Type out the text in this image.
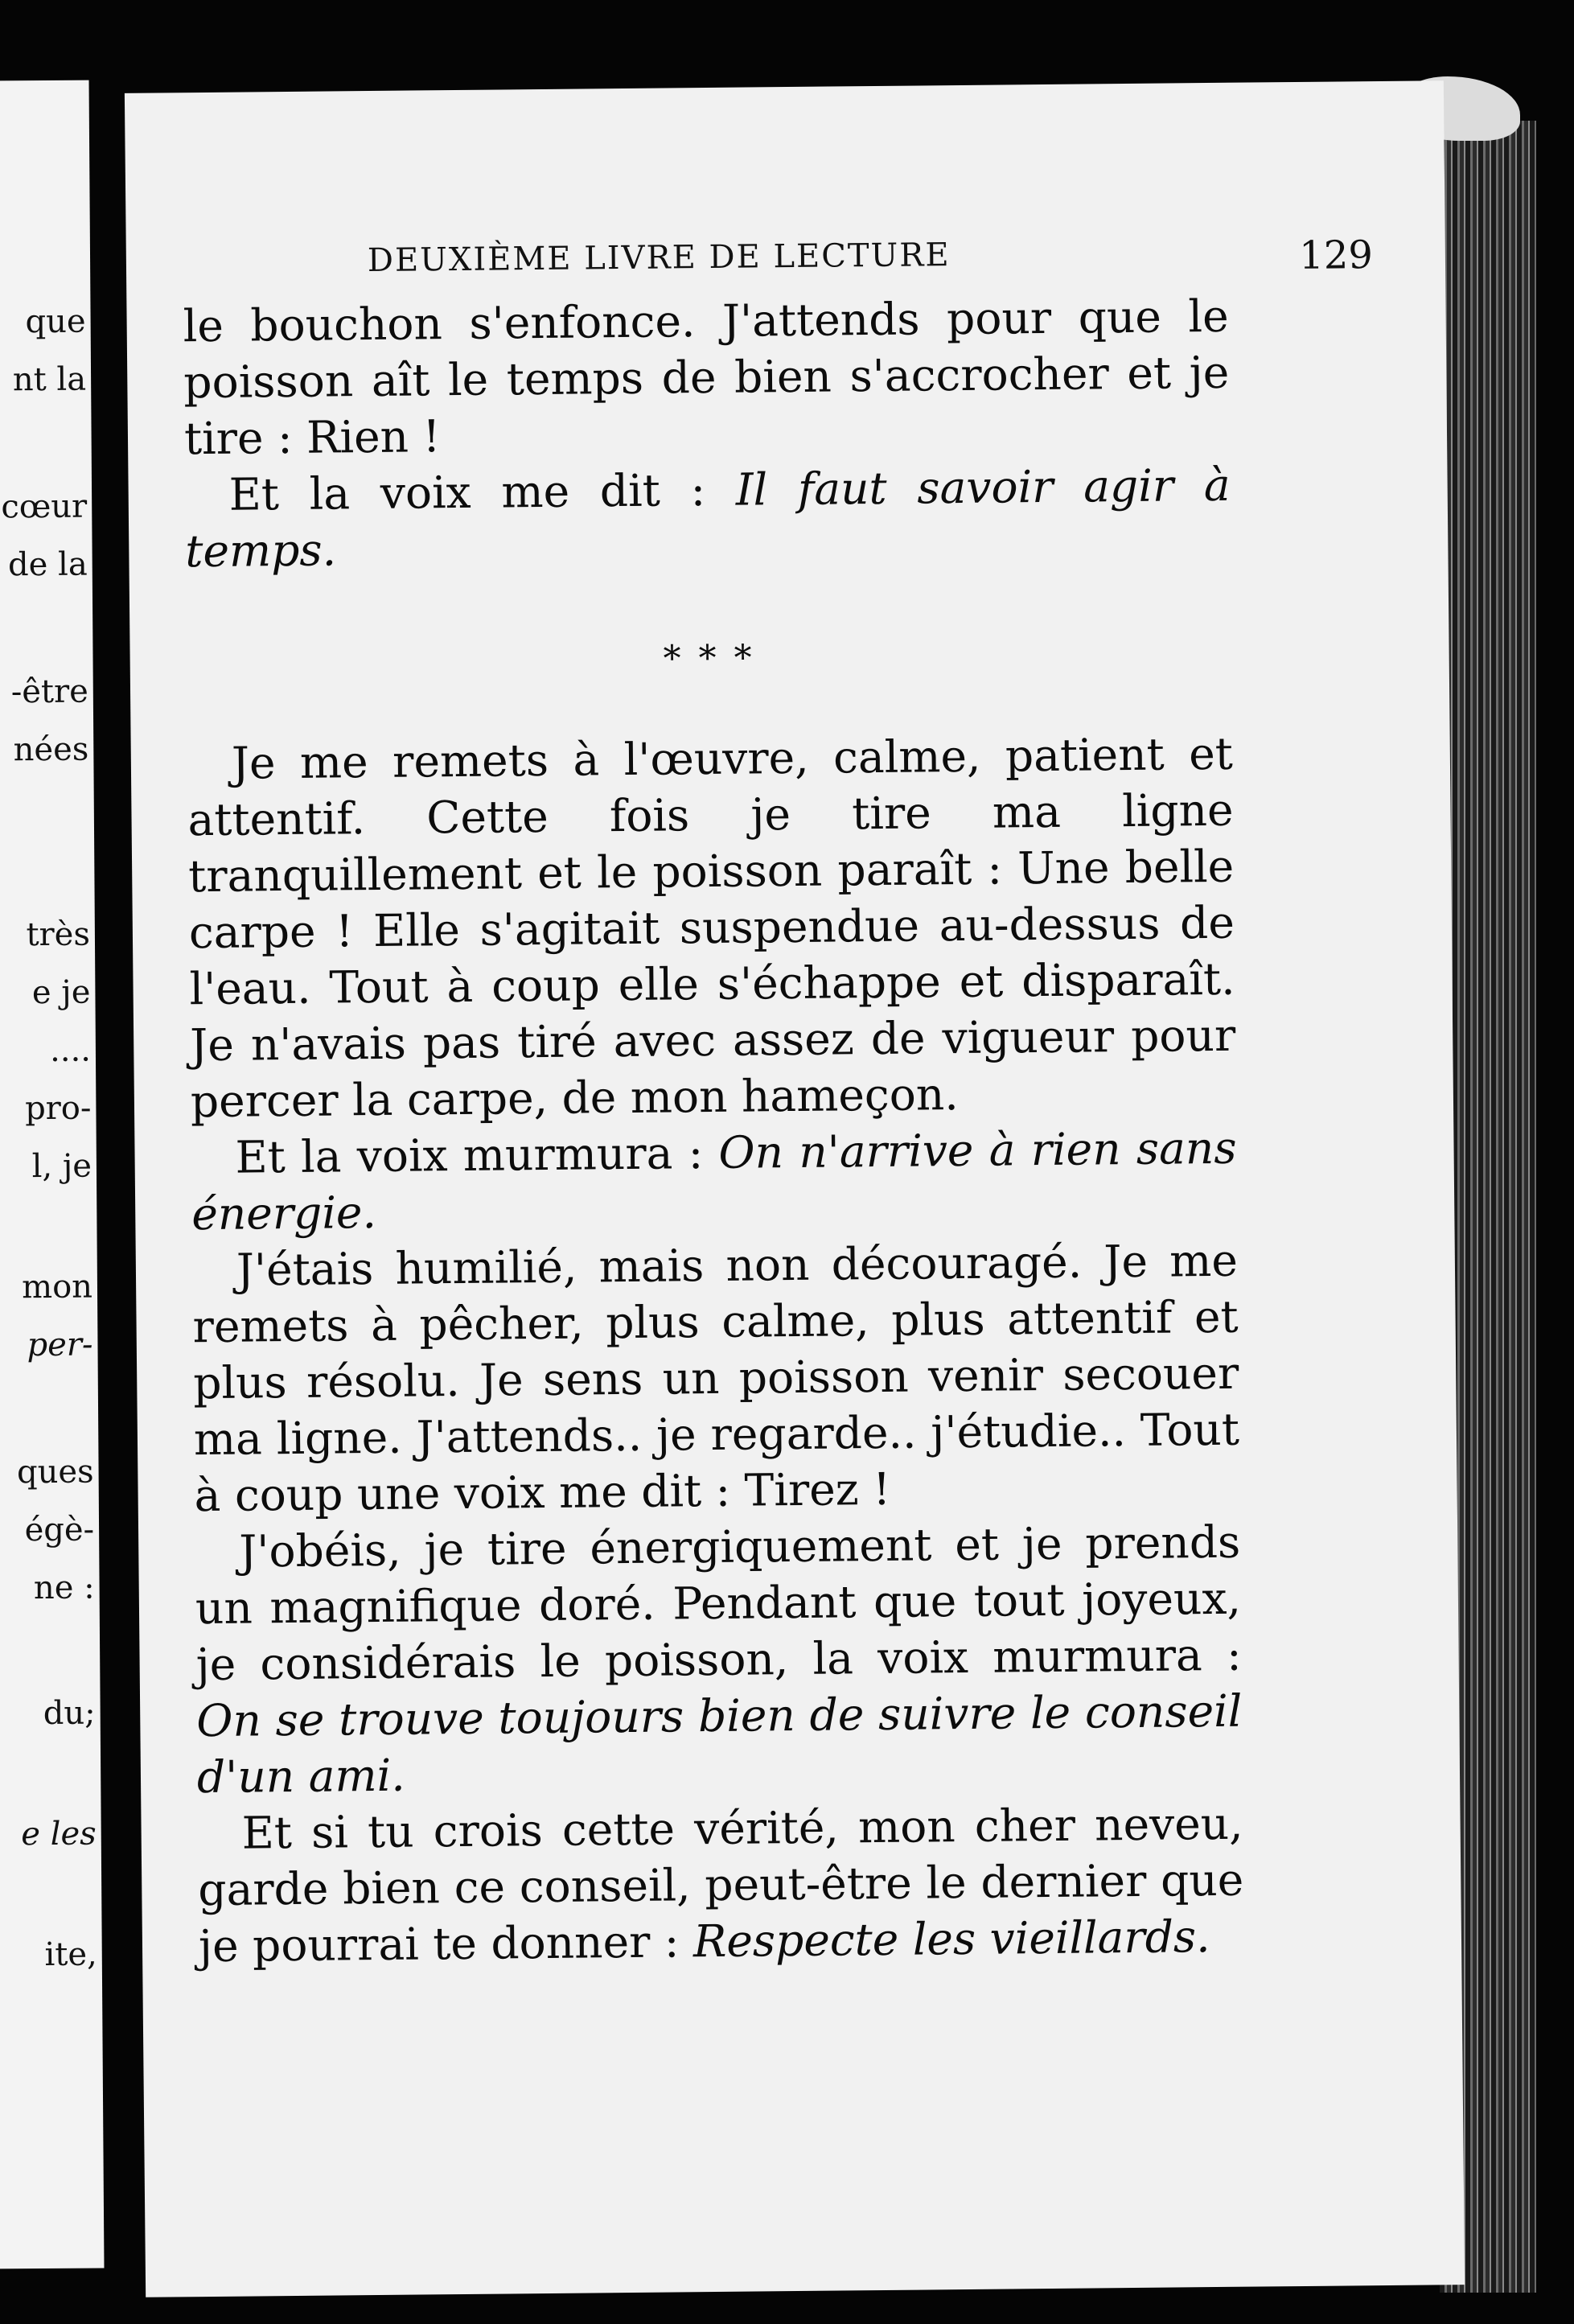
que
nt la
cœur
de la
-être
nées
très
e je
....
pro-
l, je
mon
per-
ques
égè-
ne :
du;
e les
ite,
DEUXIÈME LIVRE DE LECTURE	129

le bouchon s'enfonce. J'attends pour que le poisson aît le temps de bien s'accrocher et je tire : Rien !

Et la voix me dit : Il faut savoir agir à temps.

* * *

Je me remets à l'œuvre, calme, patient et attentif. Cette fois je tire ma ligne tranquillement et le poisson paraît : Une belle carpe ! Elle s'agitait suspendue au-dessus de l'eau. Tout à coup elle s'échappe et disparaît. Je n'avais pas tiré avec assez de vigueur pour percer la carpe, de mon hameçon.

Et la voix murmura : On n'arrive à rien sans énergie.

J'étais humilié, mais non découragé. Je me remets à pêcher, plus calme, plus attentif et plus résolu. Je sens un poisson venir secouer ma ligne. J'attends.. je regarde.. j'étudie.. Tout à coup une voix me dit : Tirez !

J'obéis, je tire énergiquement et je prends un magnifique doré. Pendant que tout joyeux, je considérais le poisson, la voix murmura : On se trouve toujours bien de suivre le conseil d'un ami.

Et si tu crois cette vérité, mon cher neveu, garde bien ce conseil, peut-être le dernier que je pourrai te donner : Respecte les vieillards.
